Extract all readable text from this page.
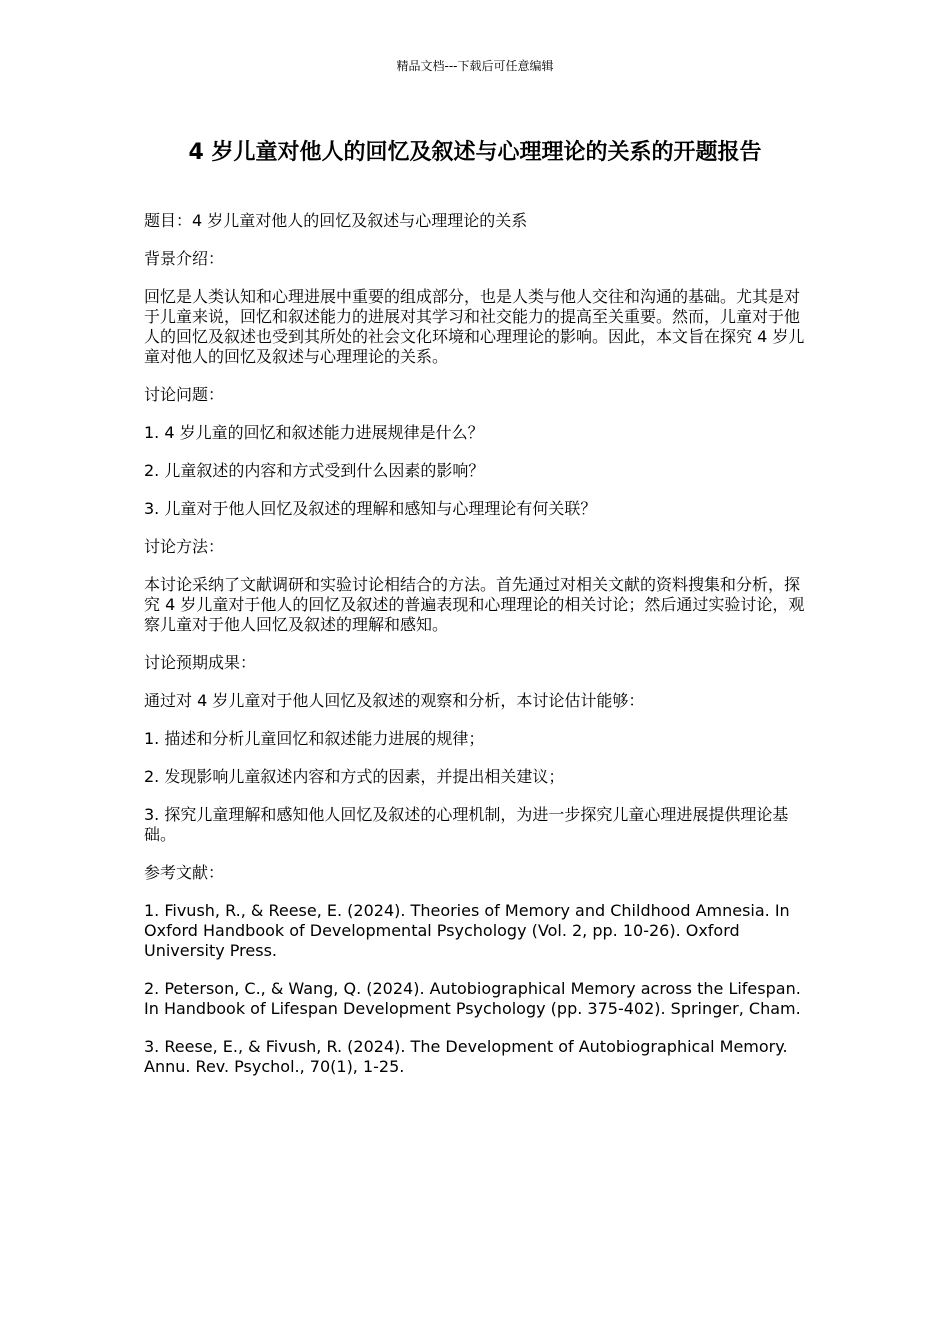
精品文档---下载后可任意编辑
4 岁儿童对他人的回忆及叙述与心理理论的关系的开题报告

题目：4 岁儿童对他人的回忆及叙述与心理理论的关系

背景介绍：

回忆是人类认知和心理进展中重要的组成部分，也是人类与他人交往和沟通的基础。尤其是对于儿童来说，回忆和叙述能力的进展对其学习和社交能力的提高至关重要。然而，儿童对于他人的回忆及叙述也受到其所处的社会文化环境和心理理论的影响。因此，本文旨在探究 4 岁儿童对他人的回忆及叙述与心理理论的关系。

讨论问题：

1. 4 岁儿童的回忆和叙述能力进展规律是什么？

2. 儿童叙述的内容和方式受到什么因素的影响？

3. 儿童对于他人回忆及叙述的理解和感知与心理理论有何关联？

讨论方法：

本讨论采纳了文献调研和实验讨论相结合的方法。首先通过对相关文献的资料搜集和分析，探究 4 岁儿童对于他人的回忆及叙述的普遍表现和心理理论的相关讨论；然后通过实验讨论，观察儿童对于他人回忆及叙述的理解和感知。

讨论预期成果：

通过对 4 岁儿童对于他人回忆及叙述的观察和分析，本讨论估计能够：

1. 描述和分析儿童回忆和叙述能力进展的规律；

2. 发现影响儿童叙述内容和方式的因素，并提出相关建议；

3. 探究儿童理解和感知他人回忆及叙述的心理机制，为进一步探究儿童心理进展提供理论基础。

参考文献：

1. Fivush, R., & Reese, E. (2024). Theories of Memory and Childhood Amnesia. In Oxford Handbook of Developmental Psychology (Vol. 2, pp. 10-26). Oxford University Press.

2. Peterson, C., & Wang, Q. (2024). Autobiographical Memory across the Lifespan. In Handbook of Lifespan Development Psychology (pp. 375-402). Springer, Cham.

3. Reese, E., & Fivush, R. (2024). The Development of Autobiographical Memory. Annu. Rev. Psychol., 70(1), 1-25.
